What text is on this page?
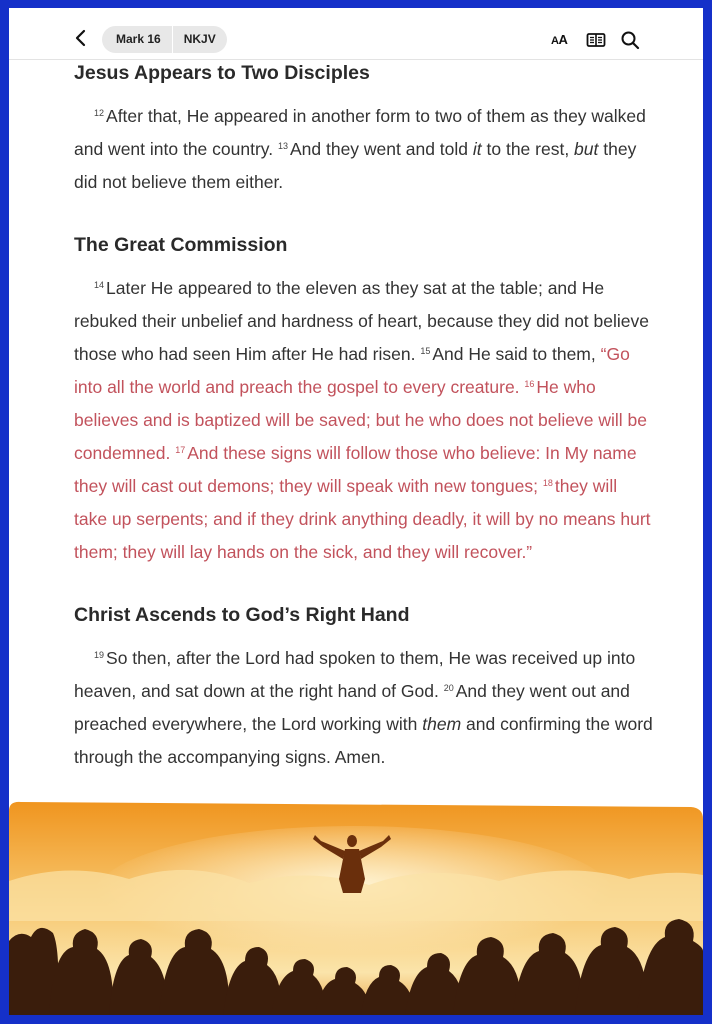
Mark 16	NKJV	AA
Jesus Appears to Two Disciples

$^{12}$ After that, He appeared in another form to two of them as they walked and went into the country. $^{13}$ And they went and told it to the rest, but they did not believe them either.

The Great Commission

$^{14}$ Later He appeared to the eleven as they sat at the table; and He rebuked their unbelief and hardness of heart, because they did not believe those who had seen Him after He had risen. $^{15}$ And He said to them, “Go into all the world and preach the gospel to every creature. $^{16}$ He who believes and is baptized will be saved; but he who does not believe will be condemned. $^{17}$ And these signs will follow those who believe: In My name they will cast out demons; they will speak with new tongues; $^{18}$ they will take up serpents; and if they drink anything deadly, it will by no means hurt them; they will lay hands on the sick, and they will recover.”

Christ Ascends to God’s Right Hand

$^{19}$ So then, after the Lord had spoken to them, He was received up into heaven, and sat down at the right hand of God. $^{20}$ And they went out and preached everywhere, the Lord working with them and confirming the word through the accompanying signs. Amen.
